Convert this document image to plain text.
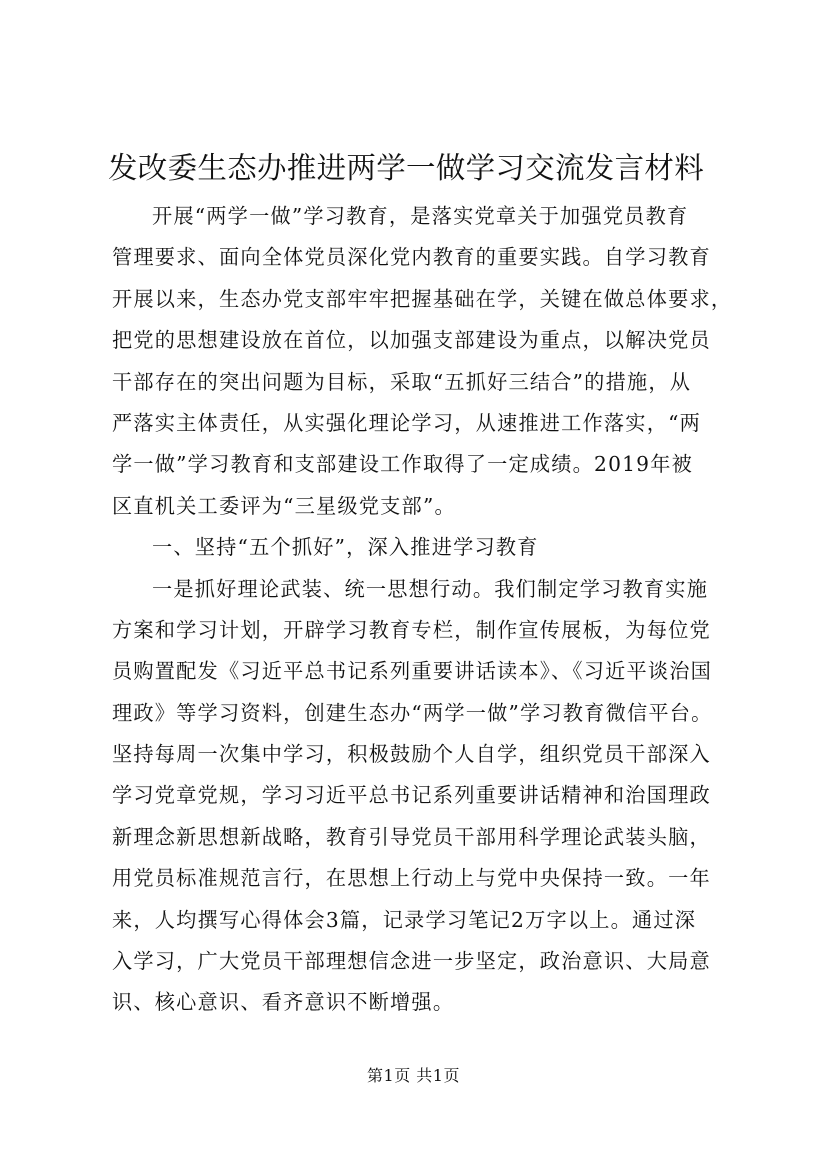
发改委生态办推进两学一做学习交流发言材料
开展“两学一做”学习教育，是落实党章关于加强党员教育
管理要求、面向全体党员深化党内教育的重要实践。自学习教育
开展以来，生态办党支部牢牢把握基础在学，关键在做总体要求，
把党的思想建设放在首位，以加强支部建设为重点，以解决党员
干部存在的突出问题为目标，采取“五抓好三结合”的措施，从
严落实主体责任，从实强化理论学习，从速推进工作落实，“两
学一做”学习教育和支部建设工作取得了一定成绩。2019年被
区直机关工委评为“三星级党支部”。
一、坚持“五个抓好”，深入推进学习教育
一是抓好理论武装、统一思想行动。我们制定学习教育实施
方案和学习计划，开辟学习教育专栏，制作宣传展板，为每位党
员购置配发《习近平总书记系列重要讲话读本》、《习近平谈治国
理政》等学习资料，创建生态办“两学一做”学习教育微信平台。
坚持每周一次集中学习，积极鼓励个人自学，组织党员干部深入
学习党章党规，学习习近平总书记系列重要讲话精神和治国理政
新理念新思想新战略，教育引导党员干部用科学理论武装头脑，
用党员标准规范言行，在思想上行动上与党中央保持一致。一年
来，人均撰写心得体会3篇，记录学习笔记2万字以上。通过深
入学习，广大党员干部理想信念进一步坚定，政治意识、大局意
识、核心意识、看齐意识不断增强。
第1页 共1页
